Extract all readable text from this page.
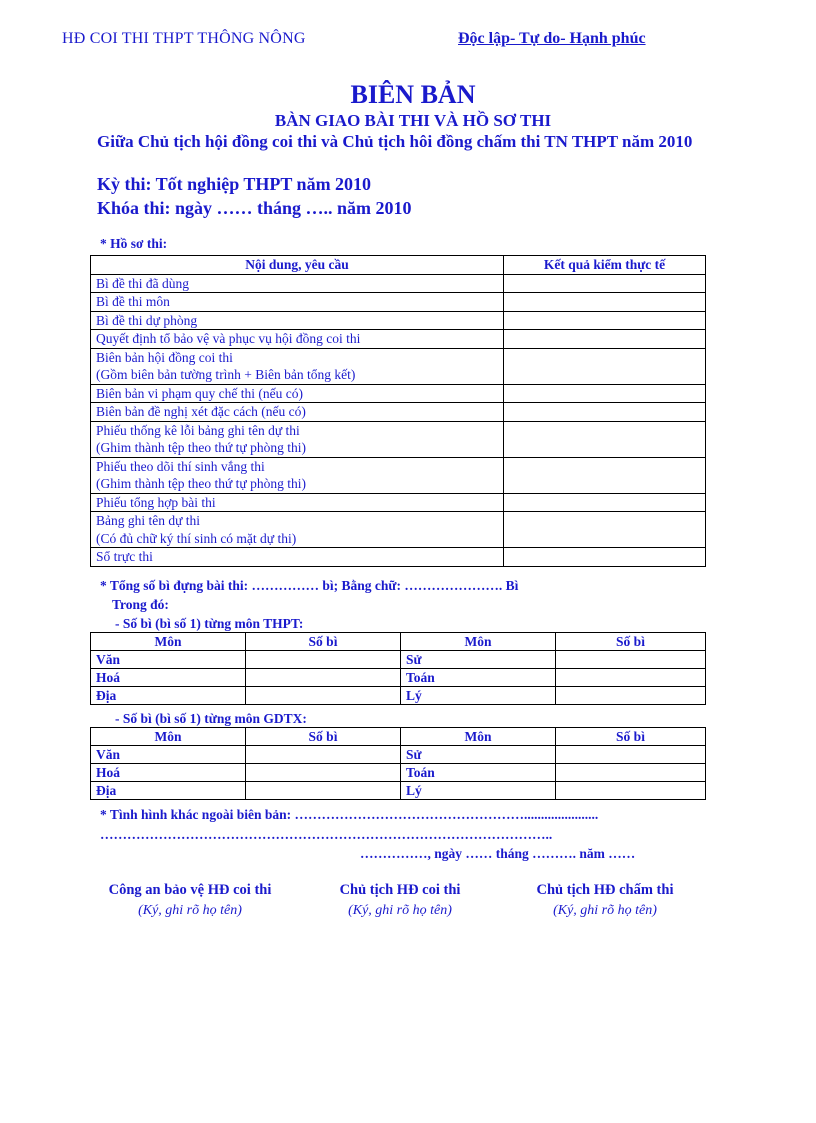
HĐ COI THI THPT THÔNG NÔNG	Độc lập- Tự do- Hạnh phúc
BIÊN BẢN
BÀN GIAO BÀI THI VÀ HỒ SƠ THI
Giữa Chủ tịch hội đồng coi thi và Chủ tịch hôi đồng chấm thi TN THPT năm 2010
Kỳ thi: Tốt nghiệp THPT năm 2010
Khóa thi: ngày …… tháng ….. năm 2010
* Hồ sơ thi:
Nội dung, yêu cầu	Kết quả kiểm thực tế

Bì đề thi đã dùng	

Bì đề thi môn	

Bì đề thi dự phòng	

Quyết định tổ bảo vệ và phục vụ hội đồng coi thi	

Biên bản hội đồng coi thi
(Gồm biên bản tường trình + Biên bản tổng kết)	

Biên bản vi phạm quy chế thi (nếu có)	

Biên bản đề nghị xét đặc cách (nếu có)	

Phiếu thống kê lỗi bảng ghi tên dự thi
(Ghim thành tệp theo thứ tự phòng thi)	

Phiếu theo dõi thí sinh vắng thi
(Ghim thành tệp theo thứ tự phòng thi)	

Phiếu tổng hợp bài thi	

Bảng ghi tên dự thi
(Có đủ chữ ký thí sinh có mặt dự thi)	

Sổ trực thi	

* Tổng số bì đựng bài thi: …………… bì; Bằng chữ: …………………. Bì
Trong đó:
- Số bì (bì số 1) từng môn THPT:
Môn	Số bì	Môn	Số bì
Văn		Sử	
Hoá		Toán	
Địa		Lý	
- Số bì (bì số 1) từng môn GDTX:
Môn	Số bì	Môn	Số bì
Văn		Sử	
Hoá		Toán	
Địa		Lý	
* Tình hình khác ngoài biên bản: ……………………………………………......................
………………………………………………………………………………………..
……………, ngày …… tháng ………. năm ……
Công an bảo vệ HĐ coi thi
(Ký, ghi rõ họ tên)
Chủ tịch HĐ coi thi
(Ký, ghi rõ họ tên)
Chủ tịch HĐ chấm thi
(Ký, ghi rõ họ tên)
